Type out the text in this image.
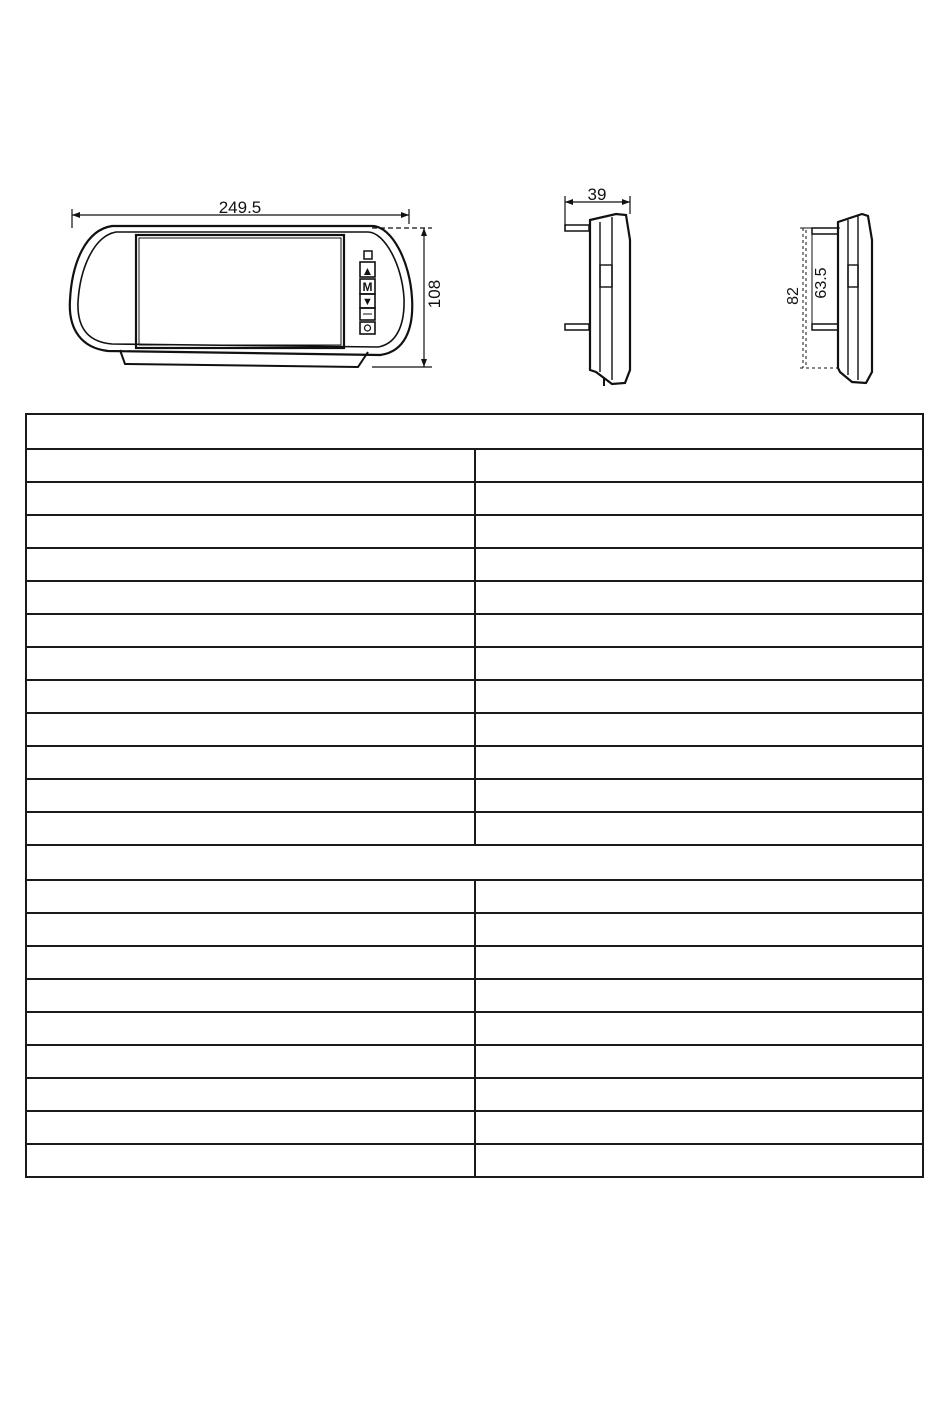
249.5
108
▲
M
▼
39
82 63.5
